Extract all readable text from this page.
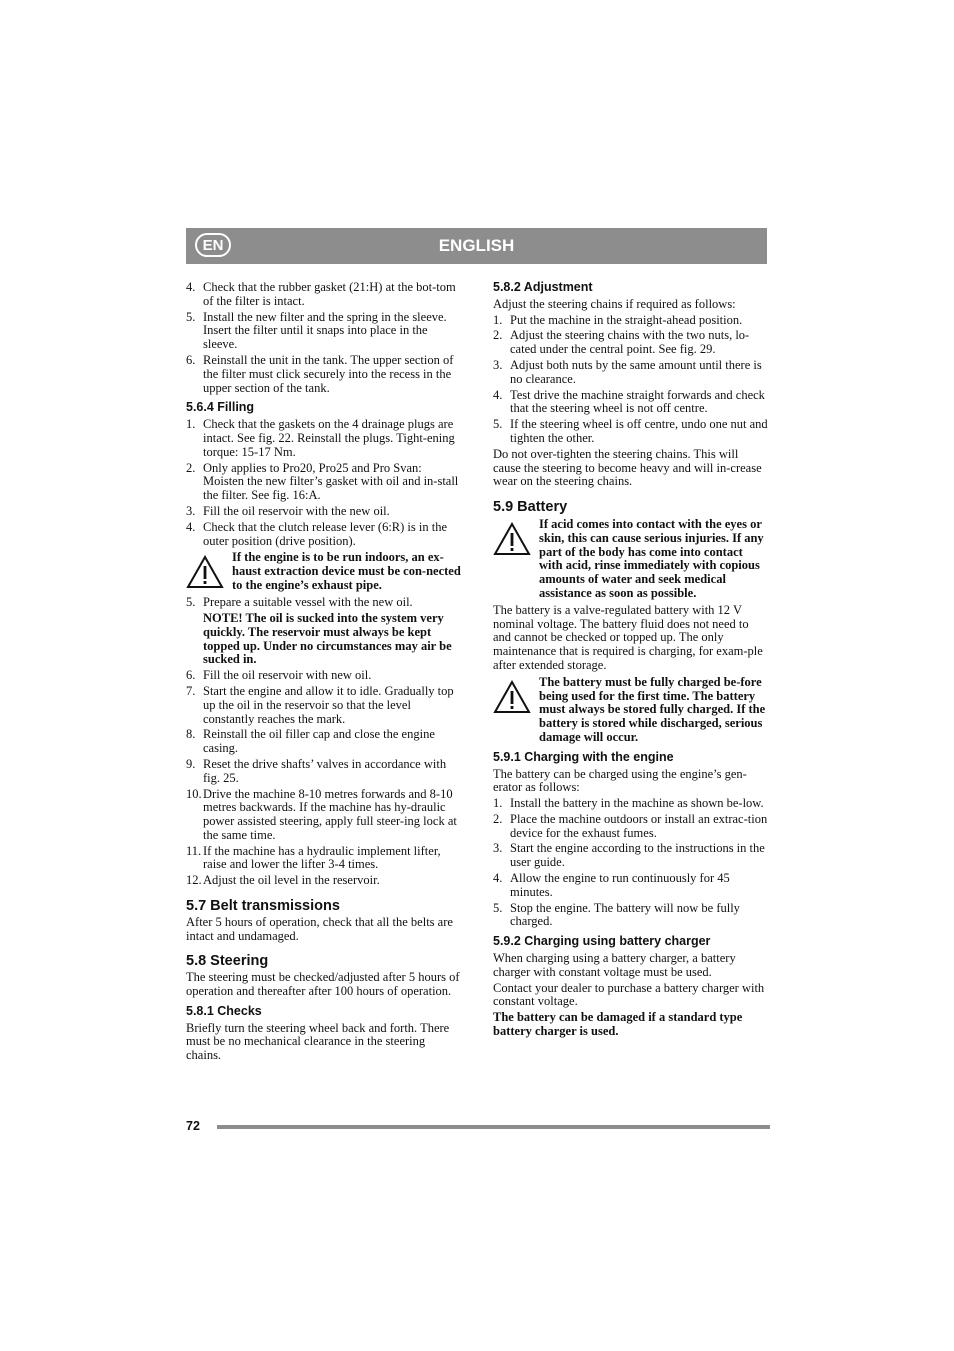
ENGLISH
EN
4. Check that the rubber gasket (21:H) at the bot-tom of the filter is intact.
5. Install the new filter and the spring in the sleeve. Insert the filter until it snaps into place in the sleeve.
6. Reinstall the unit in the tank. The upper section of the filter must click securely into the recess in the upper section of the tank.
5.6.4 Filling
1. Check that the gaskets on the 4 drainage plugs are intact. See fig. 22. Reinstall the plugs. Tight-ening torque: 15-17 Nm.
2. Only applies to Pro20, Pro25 and Pro Svan: Moisten the new filter’s gasket with oil and in-stall the filter. See fig. 16:A.
3. Fill the oil reservoir with the new oil.
4. Check that the clutch release lever (6:R) is in the outer position (drive position).
If the engine is to be run indoors, an ex-haust extraction device must be con-nected to the engine’s exhaust pipe.
5. Prepare a suitable vessel with the new oil.
NOTE! The oil is sucked into the system very quickly. The reservoir must always be kept topped up. Under no circumstances may air be sucked in.
6. Fill the oil reservoir with new oil.
7. Start the engine and allow it to idle. Gradually top up the oil in the reservoir so that the level constantly reaches the mark.
8. Reinstall the oil filler cap and close the engine casing.
9. Reset the drive shafts’ valves in accordance with fig. 25.
10. Drive the machine 8-10 metres forwards and 8-10 metres backwards. If the machine has hy-draulic power assisted steering, apply full steer-ing lock at the same time.
11. If the machine has a hydraulic implement lifter, raise and lower the lifter 3-4 times.
12. Adjust the oil level in the reservoir.
5.7 Belt transmissions

After 5 hours of operation, check that all the belts are intact and undamaged.

5.8 Steering

The steering must be checked/adjusted after 5 hours of operation and thereafter after 100 hours of operation.

5.8.1 Checks

Briefly turn the steering wheel back and forth. There must be no mechanical clearance in the steering chains.

5.8.2 Adjustment

Adjust the steering chains if required as follows:

1. Put the machine in the straight-ahead position.
2. Adjust the steering chains with the two nuts, lo-cated under the central point. See fig. 29.
3. Adjust both nuts by the same amount until there is no clearance.
4. Test drive the machine straight forwards and check that the steering wheel is not off centre.
5. If the steering wheel is off centre, undo one nut and tighten the other.

Do not over-tighten the steering chains. This will cause the steering to become heavy and will in-crease wear on the steering chains.

5.9 Battery
If acid comes into contact with the eyes or skin, this can cause serious injuries. If any part of the body has come into contact with acid, rinse immediately with copious amounts of water and seek medical assistance as soon as possible.

The battery is a valve-regulated battery with 12 V nominal voltage. The battery fluid does not need to and cannot be checked or topped up. The only maintenance that is required is charging, for exam-ple after extended storage.

The battery must be fully charged be-fore being used for the first time. The battery must always be stored fully charged. If the battery is stored while discharged, serious damage will occur.
5.9.1 Charging with the engine

The battery can be charged using the engine’s gen-erator as follows:

1. Install the battery in the machine as shown be-low.
2. Place the machine outdoors or install an extrac-tion device for the exhaust fumes.
3. Start the engine according to the instructions in the user guide.
4. Allow the engine to run continuously for 45 minutes.
5. Stop the engine. The battery will now be fully charged.
5.9.2 Charging using battery charger

When charging using a battery charger, a battery charger with constant voltage must be used.

Contact your dealer to purchase a battery charger with constant voltage.

The battery can be damaged if a standard type battery charger is used.

72
